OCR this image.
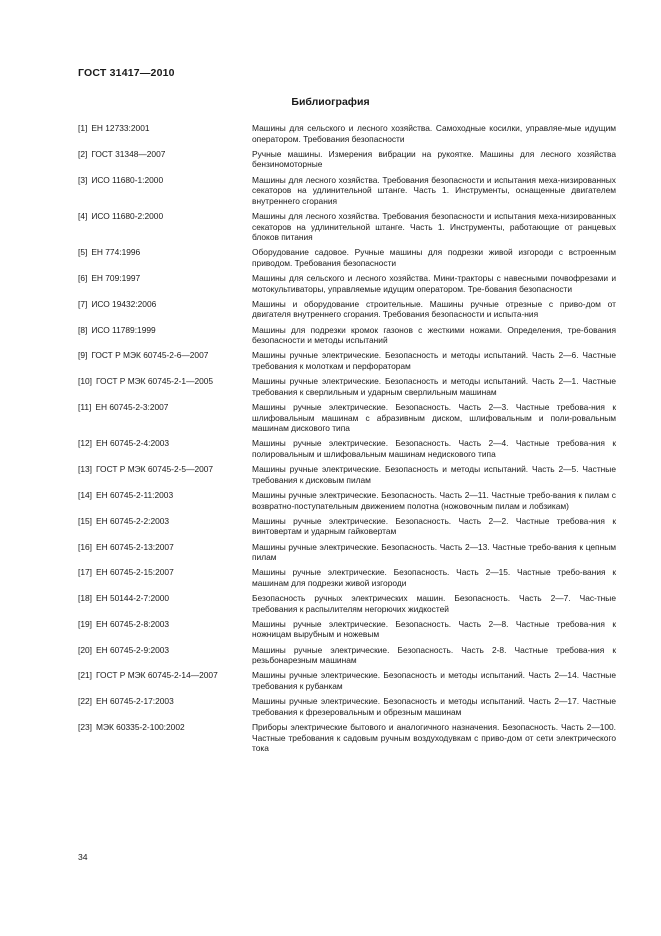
ГОСТ 31417—2010
Библиография
[1] ЕН 12733:2001	Машины для сельского и лесного хозяйства. Самоходные косилки, управляе-мые идущим оператором. Требования безопасности
[2] ГОСТ 31348—2007	Ручные машины. Измерения вибрации на рукоятке. Машины для лесного хозяйства бензиномоторные
[3] ИСО 11680-1:2000	Машины для лесного хозяйства. Требования безопасности и испытания меха-низированных секаторов на удлинительной штанге. Часть 1. Инструменты, оснащенные двигателем внутреннего сгорания
[4] ИСО 11680-2:2000	Машины для лесного хозяйства. Требования безопасности и испытания меха-низированных секаторов на удлинительной штанге. Часть 1. Инструменты, работающие от ранцевых блоков питания
[5] ЕН 774:1996	Оборудование садовое. Ручные машины для подрезки живой изгороди с встроенным приводом. Требования безопасности
[6] ЕН 709:1997	Машины для сельского и лесного хозяйства. Мини-тракторы с навесными почвофрезами и мотокультиваторы, управляемые идущим оператором. Тре-бования безопасности
[7] ИСО 19432:2006	Машины и оборудование строительные. Машины ручные отрезные с приво-дом от двигателя внутреннего сгорания. Требования безопасности и испыта-ния
[8] ИСО 11789:1999	Машины для подрезки кромок газонов с жесткими ножами. Определения, тре-бования безопасности и методы испытаний
[9] ГОСТ Р МЭК 60745-2-6—2007	Машины ручные электрические. Безопасность и методы испытаний. Часть 2—6. Частные требования к молоткам и перфораторам
[10] ГОСТ Р МЭК 60745-2-1—2005	Машины ручные электрические. Безопасность и методы испытаний. Часть 2—1. Частные требования к сверлильным и ударным сверлильным машинам
[11] ЕН 60745-2-3:2007	Машины ручные электрические. Безопасность. Часть 2—3. Частные требова-ния к шлифовальным машинам с абразивным диском, шлифовальным и поли-ровальным машинам дискового типа
[12] ЕН 60745-2-4:2003	Машины ручные электрические. Безопасность. Часть 2—4. Частные требова-ния к полировальным и шлифовальным машинам недискового типа
[13] ГОСТ Р МЭК 60745-2-5—2007	Машины ручные электрические. Безопасность и методы испытаний. Часть 2—5. Частные требования к дисковым пилам
[14] ЕН 60745-2-11:2003	Машины ручные электрические. Безопасность. Часть 2—11. Частные требо-вания к пилам с возвратно-поступательным движением полотна (ножовочным пилам и лобзикам)
[15] ЕН 60745-2-2:2003	Машины ручные электрические. Безопасность. Часть 2—2. Частные требова-ния к винтовертам и ударным гайковертам
[16] ЕН 60745-2-13:2007	Машины ручные электрические. Безопасность. Часть 2—13. Частные требо-вания к цепным пилам
[17] ЕН 60745-2-15:2007	Машины ручные электрические. Безопасность. Часть 2—15. Частные требо-вания к машинам для подрезки живой изгороди
[18] ЕН 50144-2-7:2000	Безопасность ручных электрических машин. Безопасность. Часть 2—7. Час-тные требования к распылителям негорючих жидкостей
[19] ЕН 60745-2-8:2003	Машины ручные электрические. Безопасность. Часть 2—8. Частные требова-ния к ножницам вырубным и ножевым
[20] ЕН 60745-2-9:2003	Машины ручные электрические. Безопасность. Часть 2-8. Частные требова-ния к резьбонарезным машинам
[21] ГОСТ Р МЭК 60745-2-14—2007	Машины ручные электрические. Безопасность и методы испытаний. Часть 2—14. Частные требования к рубанкам
[22] ЕН 60745-2-17:2003	Машины ручные электрические. Безопасность и методы испытаний. Часть 2—17. Частные требования к фрезеровальным и обрезным машинам
[23] МЭК 60335-2-100:2002	Приборы электрические бытового и аналогичного назначения. Безопасность. Часть 2—100. Частные требования к садовым ручным воздуходувкам с приво-дом от сети электрического тока
34
